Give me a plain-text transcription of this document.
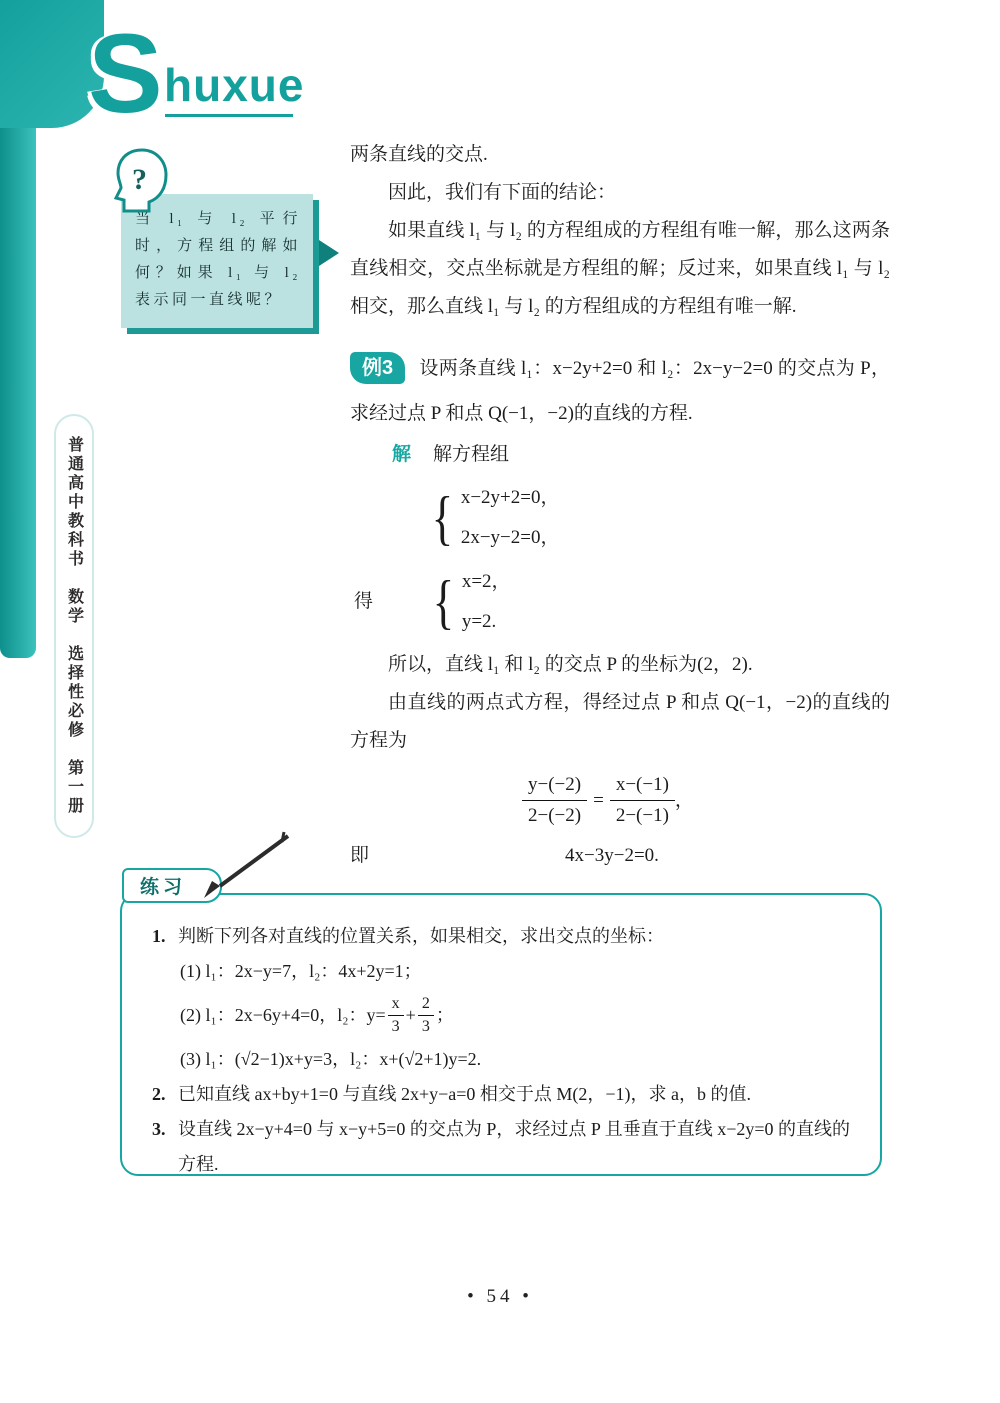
S huxue
?
当 l₁ 与 l₂ 平行时，方程组的解如何？如果 l₁ 与 l₂ 表示同一直线呢？
普通高中教科书　数学　选择性必修　第一册

两条直线的交点.

因此，我们有下面的结论：

如果直线 l₁ 与 l₂ 的方程组成的方程组有唯一解，那么这两条直线相交，交点坐标就是方程组的解；反过来，如果直线 l₁ 与 l₂ 相交，那么直线 l₁ 与 l₂ 的方程组成的方程组有唯一解.

例3 设两条直线 l₁：x−2y+2=0 和 l₂：2x−y−2=0 的交点为 P，求经过点 P 和点 Q(−1，−2)的直线的方程.

解 解方程组

{ x−2y+2=0，
2x−y−2=0，
得 { x=2，
y=2.

所以，直线 l₁ 和 l₂ 的交点 P 的坐标为(2，2).

由直线的两点式方程，得经过点 P 和点 Q(−1，−2)的直线的方程为

$\frac{y-(-2)}{2-(-2)} = \frac{x-(-1)}{2-(-1)}$ ，
即	4x−3y−2=0.
练习
1. 判断下列各对直线的位置关系，如果相交，求出交点的坐标：
(1) l₁：2x−y=7，l₂：4x+2y=1；
(2) l₁：2x−6y+4=0，l₂：$y= \frac{x}{3} + \frac{2}{3}$ ；
(3) l₁：(√2−1)x+y=3，l₂：x+(√2+1)y=2.
2. 已知直线 ax+by+1=0 与直线 2x+y−a=0 相交于点 M(2，−1)，求 a，b 的值.
3. 设直线 2x−y+4=0 与 x−y+5=0 的交点为 P，求经过点 P 且垂直于直线 x−2y=0 的直线的方程.
• 54 •
